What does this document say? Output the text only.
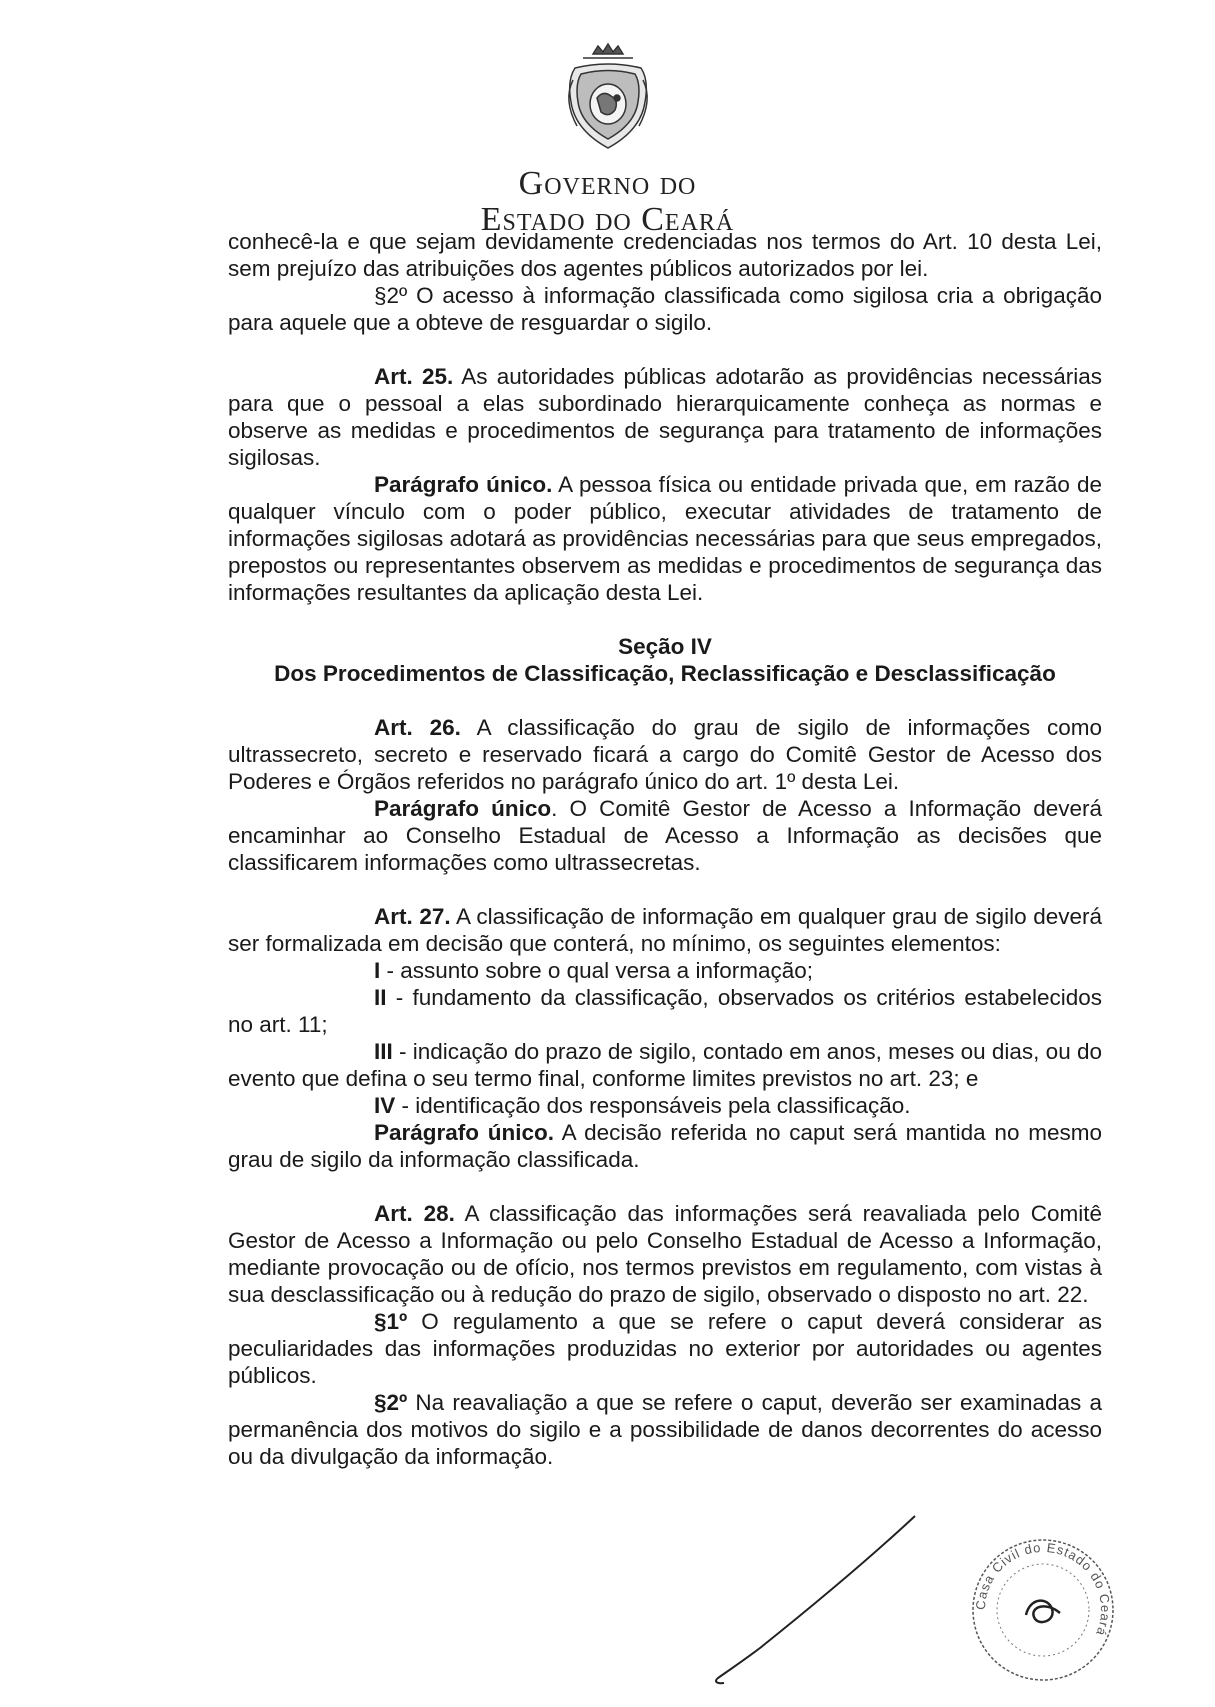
Governo do
Estado do Ceará

conhecê-la e que sejam devidamente credenciadas nos termos do Art. 10 desta Lei, sem prejuízo das atribuições dos agentes públicos autorizados por lei.

§2º O acesso à informação classificada como sigilosa cria a obrigação para aquele que a obteve de resguardar o sigilo.

Art. 25. As autoridades públicas adotarão as providências necessárias para que o pessoal a elas subordinado hierarquicamente conheça as normas e observe as medidas e procedimentos de segurança para tratamento de informações sigilosas.

Parágrafo único. A pessoa física ou entidade privada que, em razão de qualquer vínculo com o poder público, executar atividades de tratamento de informações sigilosas adotará as providências necessárias para que seus empregados, prepostos ou representantes observem as medidas e procedimentos de segurança das informações resultantes da aplicação desta Lei.

Seção IV
Dos Procedimentos de Classificação, Reclassificação e Desclassificação

Art. 26. A classificação do grau de sigilo de informações como ultrassecreto, secreto e reservado ficará a cargo do Comitê Gestor de Acesso dos Poderes e Órgãos referidos no parágrafo único do art. 1º desta Lei.

Parágrafo único. O Comitê Gestor de Acesso a Informação deverá encaminhar ao Conselho Estadual de Acesso a Informação as decisões que classificarem informações como ultrassecretas.

Art. 27. A classificação de informação em qualquer grau de sigilo deverá ser formalizada em decisão que conterá, no mínimo, os seguintes elementos:

I - assunto sobre o qual versa a informação;

II - fundamento da classificação, observados os critérios estabelecidos no art. 11;

III - indicação do prazo de sigilo, contado em anos, meses ou dias, ou do evento que defina o seu termo final, conforme limites previstos no art. 23; e

IV - identificação dos responsáveis pela classificação.

Parágrafo único. A decisão referida no caput será mantida no mesmo grau de sigilo da informação classificada.

Art. 28. A classificação das informações será reavaliada pelo Comitê Gestor de Acesso a Informação ou pelo Conselho Estadual de Acesso a Informação, mediante provocação ou de ofício, nos termos previstos em regulamento, com vistas à sua desclassificação ou à redução do prazo de sigilo, observado o disposto no art. 22.

§1º O regulamento a que se refere o caput deverá considerar as peculiaridades das informações produzidas no exterior por autoridades ou agentes públicos.

§2º Na reavaliação a que se refere o caput, deverão ser examinadas a permanência dos motivos do sigilo e a possibilidade de danos decorrentes do acesso ou da divulgação da informação.

Casa Civil do Estado do Ceará
